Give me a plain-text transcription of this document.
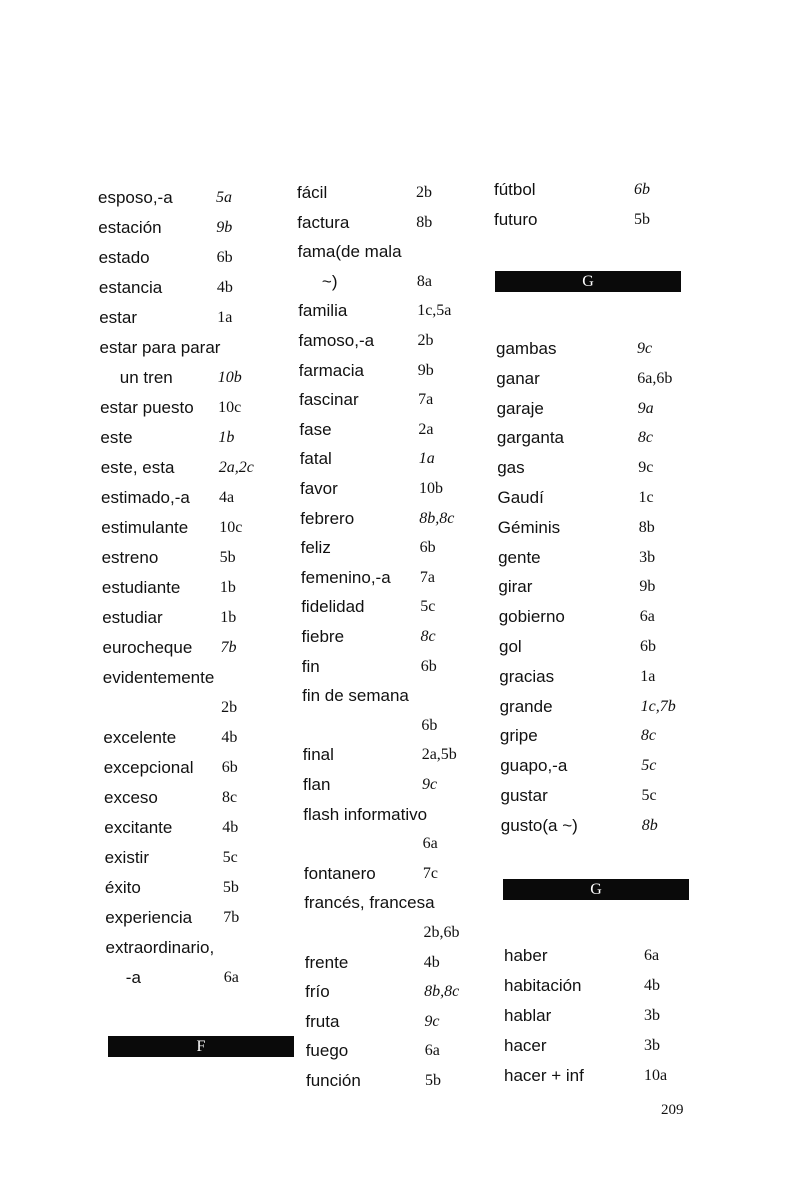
esposo,-a	5a
estación	9b
estado	6b
estancia	4b
estar	1a
estar para parar
un tren	10b
estar puesto 10c
este	1b
este, esta	2a,2c
estimado,-a 4a
estimulante 10c
estreno	5b
estudiante 1b
estudiar	1b
eurocheque 7b
evidentemente
2b
excelente	4b
excepcional 6b
exceso	8c
excitante	4b
existir	5c
éxito	5b
experiencia 7b
extraordinario,
-a	6a
F
fácil	2b
factura	8b
fama(de mala
~)	8a
familia	1c,5a
famoso,-a	2b
farmacia	9b
fascinar	7a
fase	2a
fatal	1a
favor	10b
febrero	8b,8c
feliz	6b
femenino,-a 7a
fidelidad	5c
fiebre	8c
fin	6b
fin de semana
6b
final	2a,5b
flan	9c
flash informativo
6a
fontanero	7c
francés, francesa
2b,6b
frente	4b
frío	8b,8c
fruta	9c
fuego	6a
función	5b
fútbol	6b
futuro	5b
G
gambas	9c
ganar	6a,6b
garaje	9a
garganta	8c
gas	9c
Gaudí	1c
Géminis	8b
gente	3b
girar	9b
gobierno	6a
gol	6b
gracias	1a
grande	1c,7b
gripe	8c
guapo,-a	5c
gustar	5c
gusto(a ~)	8b
G
haber	6a
habitación	4b
hablar	3b
hacer	3b
hacer + inf	10a
209
